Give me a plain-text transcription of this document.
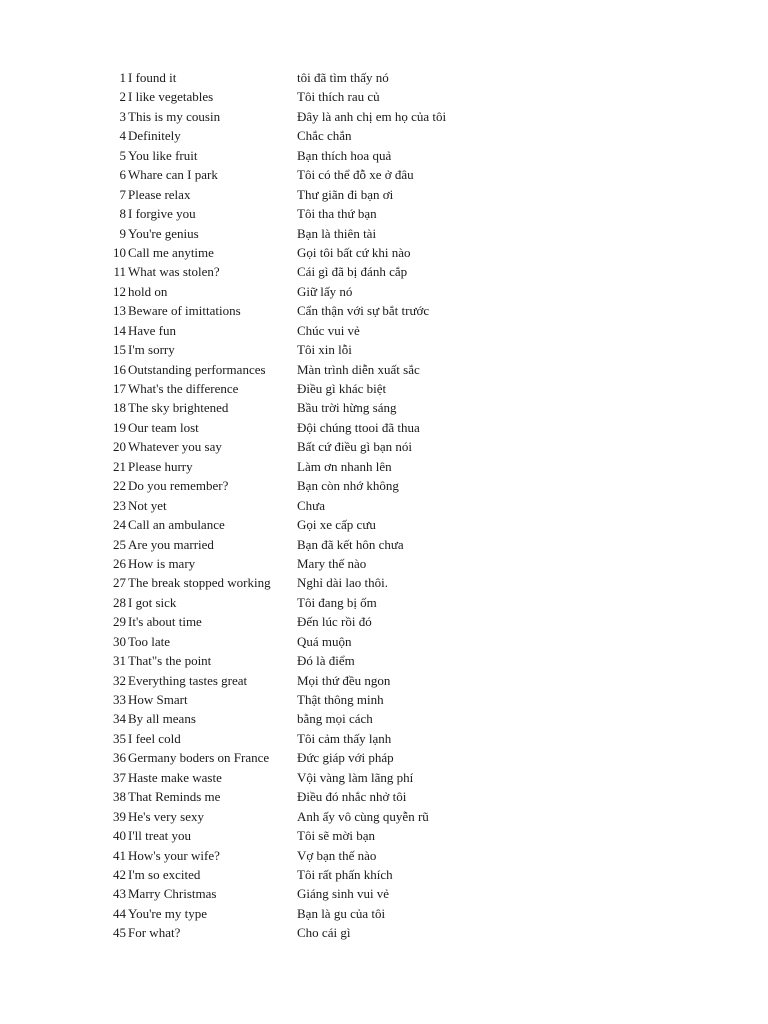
1 I found it	tôi đã tìm thấy nó
2 I like vegetables	Tôi thích rau củ
3 This is my cousin	Đây là anh chị em họ của tôi
4 Definitely	Chắc chắn
5 You like fruit	Bạn thích hoa quả
6 Whare can I park	Tôi có thể đỗ xe ở đâu
7 Please relax	Thư giãn đi bạn ơi
8 I forgive you	Tôi tha thứ bạn
9 You're genius	Bạn là thiên tài
10 Call me anytime	Gọi tôi bất cứ khi nào
11 What was stolen?	Cái gì đã bị đánh cắp
12 hold on	Giữ lấy nó
13 Beware of imittations	Cẩn thận với sự bắt trước
14 Have fun	Chúc vui vẻ
15 I'm sorry	Tôi xin lỗi
16 Outstanding performances Màn trình diễn xuất sắc
17 What's the difference	Điều gì khác biệt
18 The sky brightened	Bầu trời hừng sáng
19 Our team lost	Đội chúng ttooi đã thua
20 Whatever you say	Bất cứ điều gì bạn nói
21 Please hurry	Làm ơn nhanh lên
22 Do you remember?	Bạn còn nhớ không
23 Not yet	Chưa
24 Call an ambulance	Gọi xe cấp cưu
25 Are you married	Bạn đã kết hôn chưa
26 How is mary	Mary thế nào
27 The break stopped working Nghỉ dài lao thôi.
28 I got sick	Tôi đang bị ốm
29 It's about time	Đến lúc rồi đó
30 Too late	Quá muộn
31 That"s the point	Đó là điểm
32 Everything tastes great	Mọi thứ đều ngon
33 How Smart	Thật thông minh
34 By all means	bằng mọi cách
35 I feel cold	Tôi cảm thấy lạnh
36 Germany boders on France Đức giáp với pháp
37 Haste make waste	Vội vàng làm lãng phí
38 That Reminds me	Điều đó nhắc nhở tôi
39 He's very sexy	Anh ấy vô cùng quyễn rũ
40 I'll treat you	Tôi sẽ mời bạn
41 How's your wife?	Vợ bạn thế nào
42 I'm so excited	Tôi rất phấn khích
43 Marry Christmas	Giáng sinh vui vẻ
44 You're my type	Bạn là gu của tôi
45 For what?	Cho cái gì
